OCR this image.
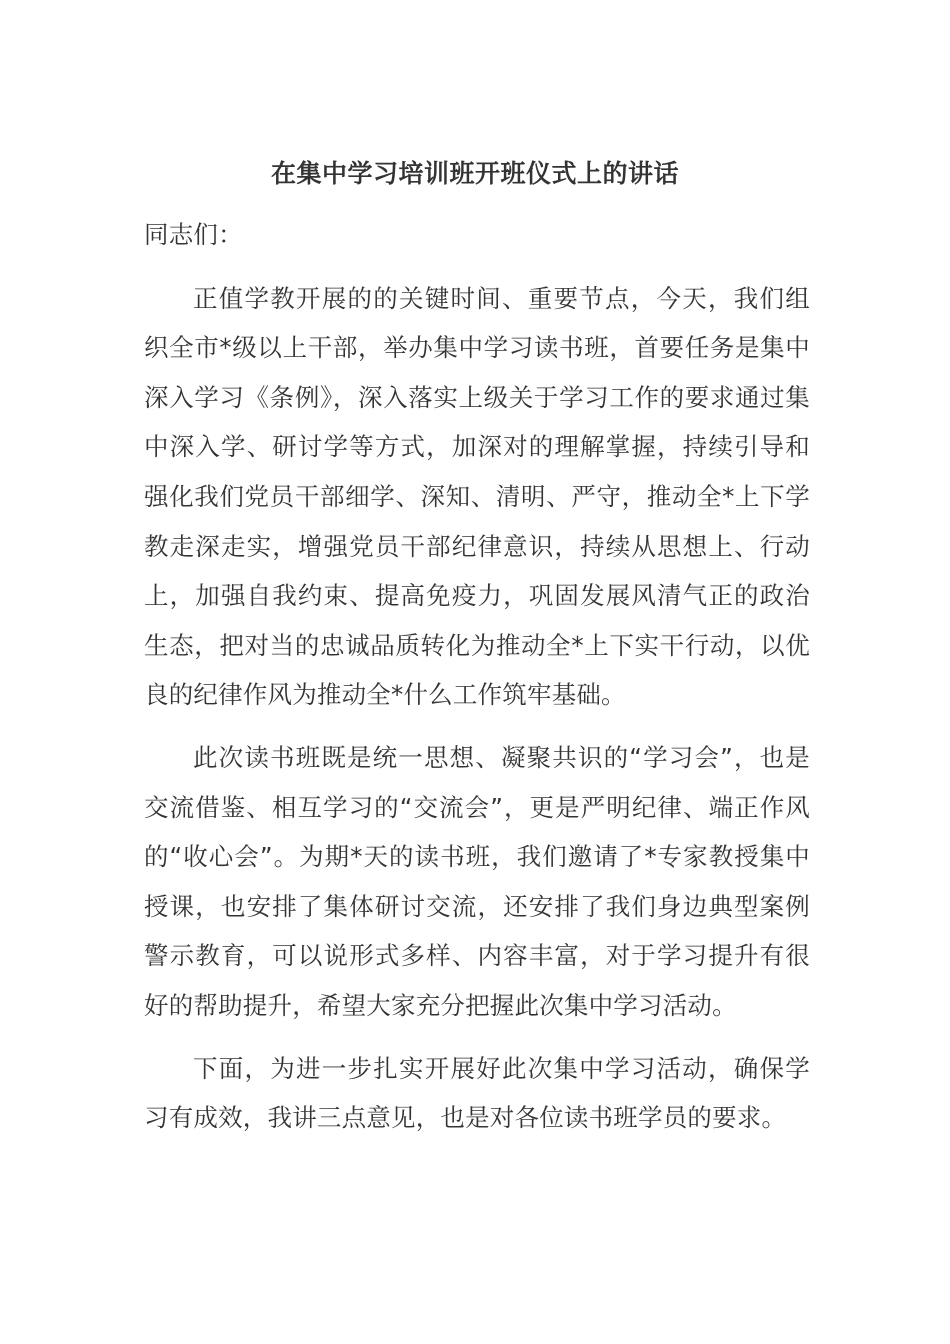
在集中学习培训班开班仪式上的讲话

同志们：

正值学教开展的的关键时间、重要节点，今天，我们组织全市*级以上干部，举办集中学习读书班，首要任务是集中深入学习《条例》，深入落实上级关于学习工作的要求通过集中深入学、研讨学等方式，加深对的理解掌握，持续引导和强化我们党员干部细学、深知、清明、严守，推动全*上下学教走深走实，增强党员干部纪律意识，持续从思想上、行动上，加强自我约束、提高免疫力，巩固发展风清气正的政治生态，把对当的忠诚品质转化为推动全*上下实干行动，以优良的纪律作风为推动全*什么工作筑牢基础。

此次读书班既是统一思想、凝聚共识的“学习会”，也是交流借鉴、相互学习的“交流会”，更是严明纪律、端正作风的“收心会”。为期*天的读书班，我们邀请了*专家教授集中授课，也安排了集体研讨交流，还安排了我们身边典型案例警示教育，可以说形式多样、内容丰富，对于学习提升有很好的帮助提升，希望大家充分把握此次集中学习活动。

下面，为进一步扎实开展好此次集中学习活动，确保学习有成效，我讲三点意见，也是对各位读书班学员的要求。
